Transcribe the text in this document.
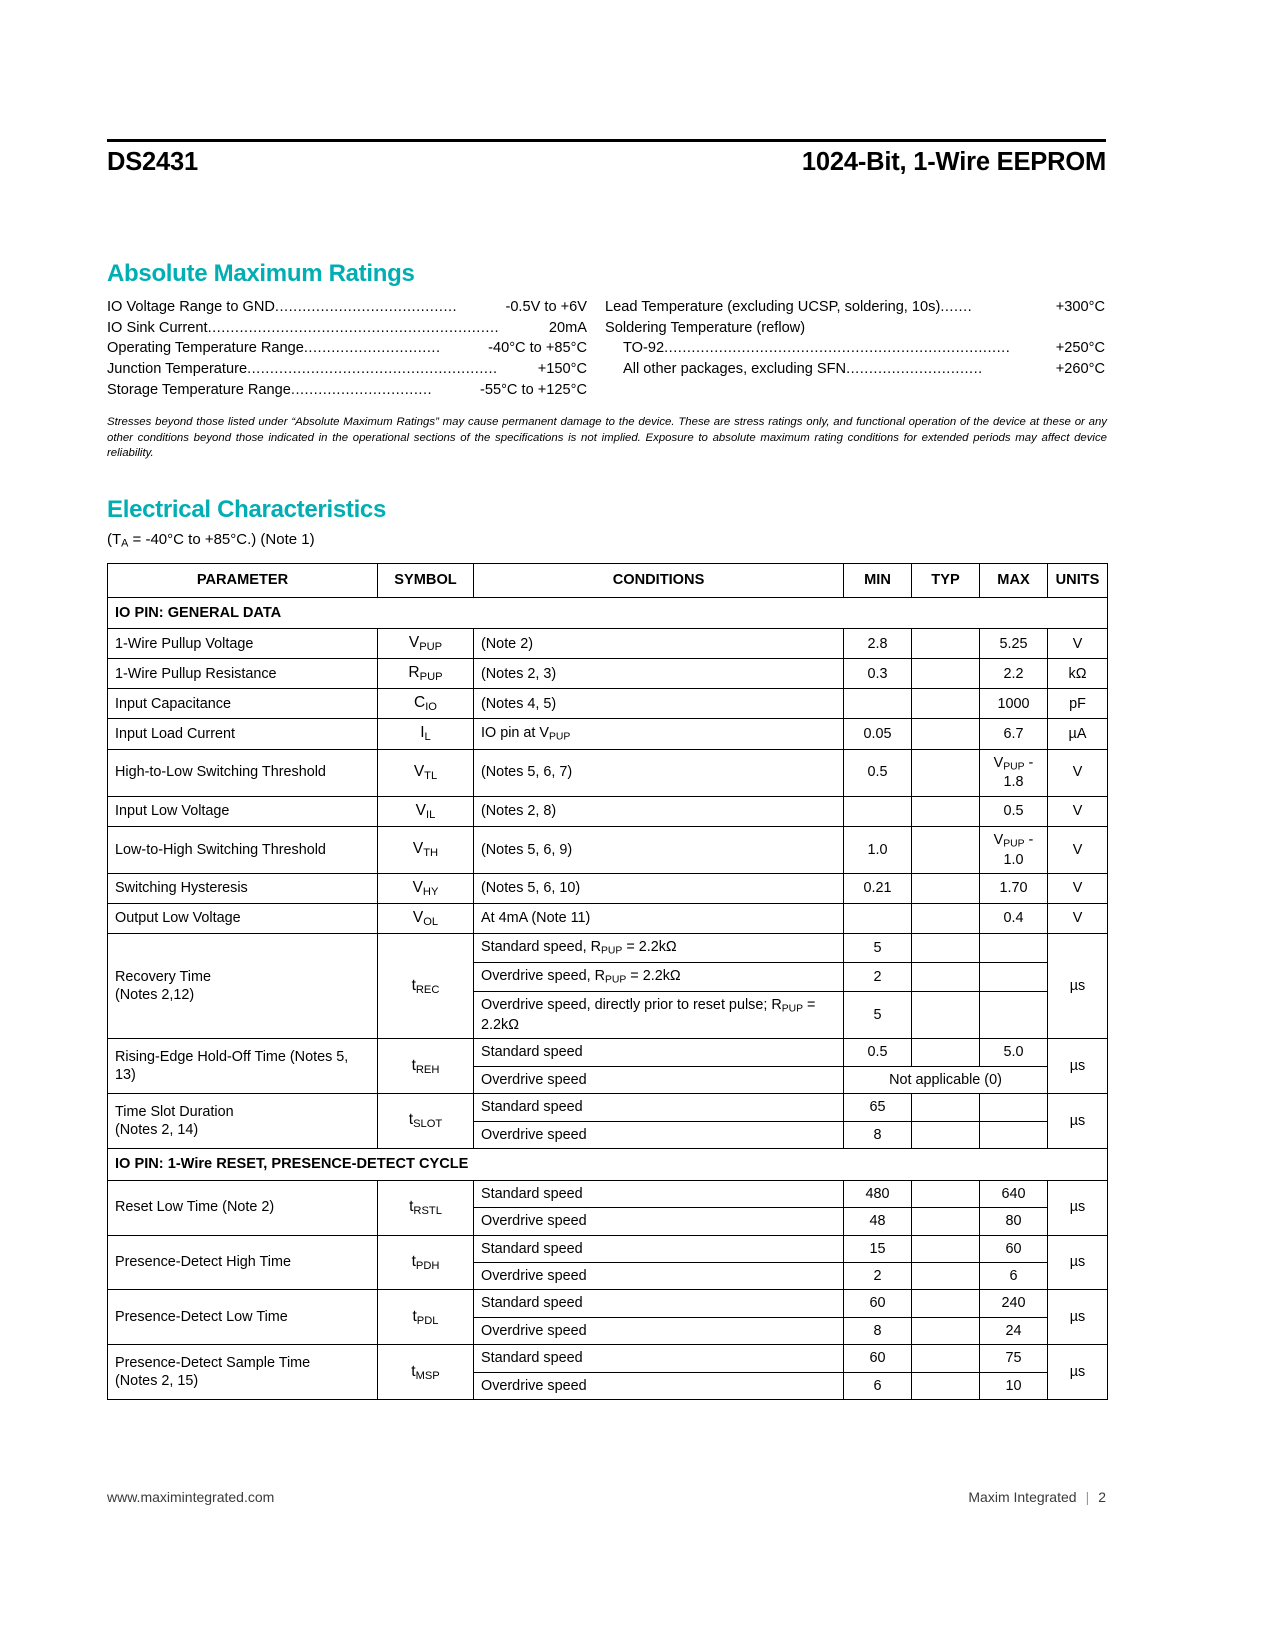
DS2431	1024-Bit, 1-Wire EEPROM
Absolute Maximum Ratings
IO Voltage Range to GND ........................................	-0.5V to +6V
IO Sink Current ................................................................	20mA
Operating Temperature Range ..............................	-40°C to +85°C
Junction Temperature .......................................................	+150°C
Storage Temperature Range ...............................	-55°C to +125°C
Lead Temperature (excluding UCSP, soldering, 10s) .......	+300°C
Soldering Temperature (reflow)
TO-92 ............................................................................	+250°C
All other packages, excluding SFN ..............................	+260°C
Stresses beyond those listed under “Absolute Maximum Ratings” may cause permanent damage to the device. These are stress ratings only, and functional operation of the device at these or any other conditions beyond those indicated in the operational sections of the specifications is not implied. Exposure to absolute maximum rating conditions for extended periods may affect device reliability.
Electrical Characteristics
($T_A = -40^\circ C$ to +85°C.) (Note 1)
PARAMETER	SYMBOL	CONDITIONS	MIN	TYP	MAX	UNITS
IO PIN: GENERAL DATA						
1-Wire Pullup Voltage	$V_{PUP}$	(Note 2)	2.8		5.25	V
1-Wire Pullup Resistance	$R_{PUP}$	(Notes 2, 3)	0.3		2.2	kΩ
Input Capacitance	$C_{IO}$	(Notes 4, 5)			1000	pF
Input Load Current	$I_L$	IO pin at $V_{PUP}$	0.05		6.7	µA
High-to-Low Switching Threshold	$V_{TL}$	(Notes 5, 6, 7)	0.5		$V_{PUP} - 1.8$	V
Input Low Voltage	$V_{IL}$	(Notes 2, 8)			0.5	V
Low-to-High Switching Threshold	$V_{TH}$	(Notes 5, 6, 9)	1.0		$V_{PUP} - 1.0$	V
Switching Hysteresis	$V_{HY}$	(Notes 5, 6, 10)	0.21		1.70	V
Output Low Voltage	$V_{OL}$	At 4mA (Note 11)			0.4	V
Recovery Time
(Notes 2,12)	$t_{REC}$	Standard speed, $R_{PUP} = 2.2k\Omega$	5			µs
		Overdrive speed, $R_{PUP} = 2.2k\Omega$	2			
		Overdrive speed, directly prior to reset pulse; $R_{PUP} = 2.2k\Omega$	5			
Rising-Edge Hold-Off Time (Notes 5, 13)	$t_{REH}$	Standard speed	0.5		5.0	µs
		Overdrive speed	Not applicable (0)			
Time Slot Duration
(Notes 2, 14)	$t_{SLOT}$	Standard speed	65			µs
		Overdrive speed	8			
IO PIN: 1-Wire RESET, PRESENCE-DETECT CYCLE						
Reset Low Time (Note 2)	$t_{RSTL}$	Standard speed	480		640	µs
		Overdrive speed	48		80	
Presence-Detect High Time	$t_{PDH}$	Standard speed	15		60	µs
		Overdrive speed	2		6	
Presence-Detect Low Time	$t_{PDL}$	Standard speed	60		240	µs
		Overdrive speed	8		24	
Presence-Detect Sample Time
(Notes 2, 15)	$t_{MSP}$	Standard speed	60		75	µs
		Overdrive speed	6		10	
www.maximintegrated.com	Maxim Integrated | 2
